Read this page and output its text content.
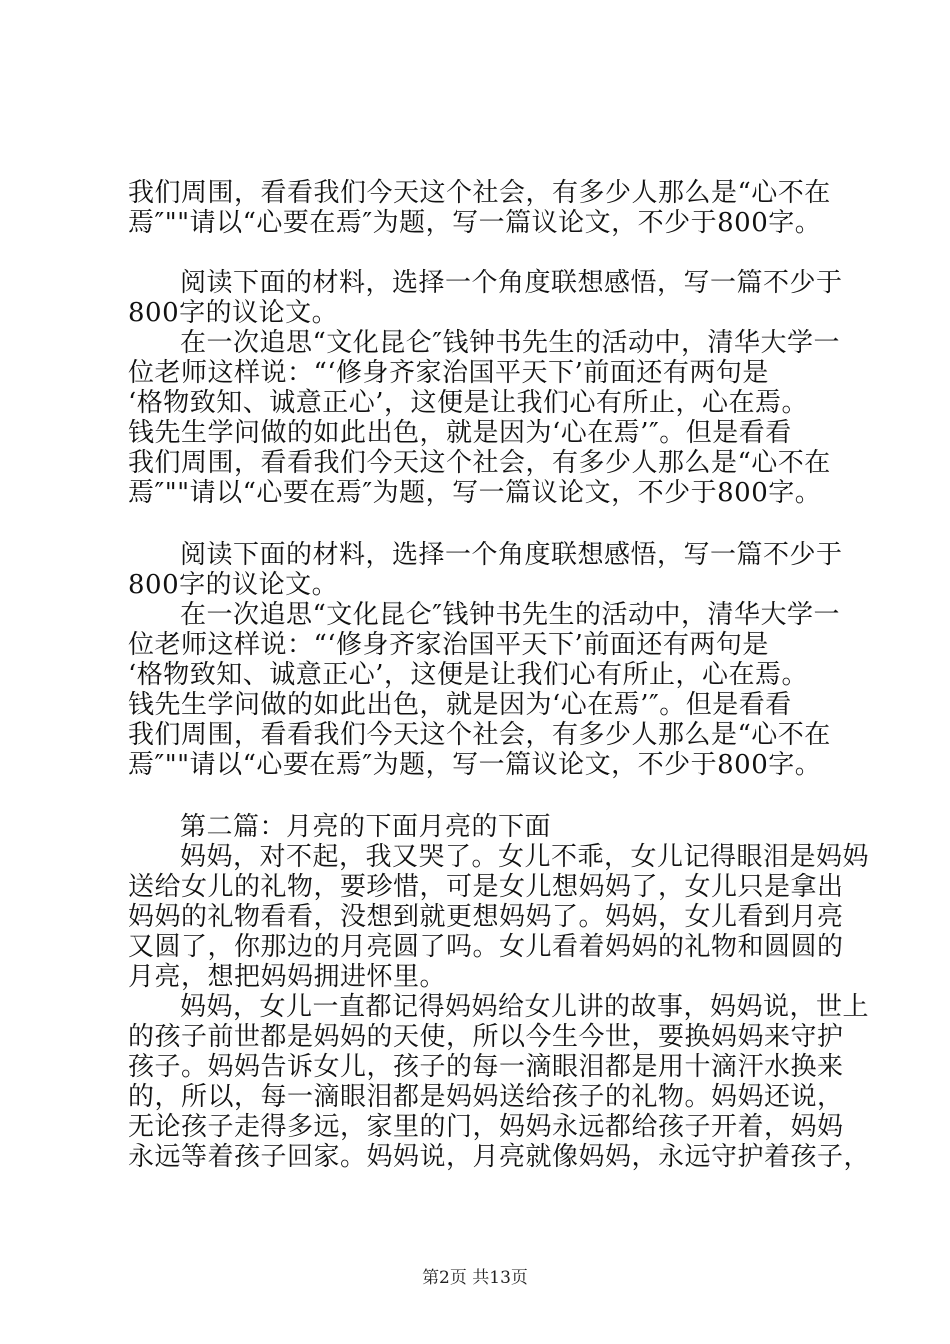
我们周围，看看我们今天这个社会，有多少人那么是“心不在
焉″""请以“心要在焉″为题，写一篇议论文，不少于800字。
阅读下面的材料，选择一个角度联想感悟，写一篇不少于
800字的议论文。
在一次追思“文化昆仑″钱钟书先生的活动中，清华大学一
位老师这样说：“‘修身齐家治国平天下’前面还有两句是
‘格物致知、诚意正心’，这便是让我们心有所止，心在焉。
钱先生学问做的如此出色，就是因为‘心在焉’″。但是看看
我们周围，看看我们今天这个社会，有多少人那么是“心不在
焉″""请以“心要在焉″为题，写一篇议论文，不少于800字。
阅读下面的材料，选择一个角度联想感悟，写一篇不少于
800字的议论文。
在一次追思“文化昆仑″钱钟书先生的活动中，清华大学一
位老师这样说：“‘修身齐家治国平天下’前面还有两句是
‘格物致知、诚意正心’，这便是让我们心有所止，心在焉。
钱先生学问做的如此出色，就是因为‘心在焉’″。但是看看
我们周围，看看我们今天这个社会，有多少人那么是“心不在
焉″""请以“心要在焉″为题，写一篇议论文，不少于800字。
第二篇：月亮的下面月亮的下面
妈妈，对不起，我又哭了。女儿不乖，女儿记得眼泪是妈妈
送给女儿的礼物，要珍惜，可是女儿想妈妈了，女儿只是拿出
妈妈的礼物看看，没想到就更想妈妈了。妈妈，女儿看到月亮
又圆了，你那边的月亮圆了吗。女儿看着妈妈的礼物和圆圆的
月亮，想把妈妈拥进怀里。
妈妈，女儿一直都记得妈妈给女儿讲的故事，妈妈说，世上
的孩子前世都是妈妈的天使，所以今生今世，要换妈妈来守护
孩子。妈妈告诉女儿，孩子的每一滴眼泪都是用十滴汗水换来
的，所以，每一滴眼泪都是妈妈送给孩子的礼物。妈妈还说，
无论孩子走得多远，家里的门，妈妈永远都给孩子开着，妈妈
永远等着孩子回家。妈妈说，月亮就像妈妈，永远守护着孩子，
第2页 共13页
